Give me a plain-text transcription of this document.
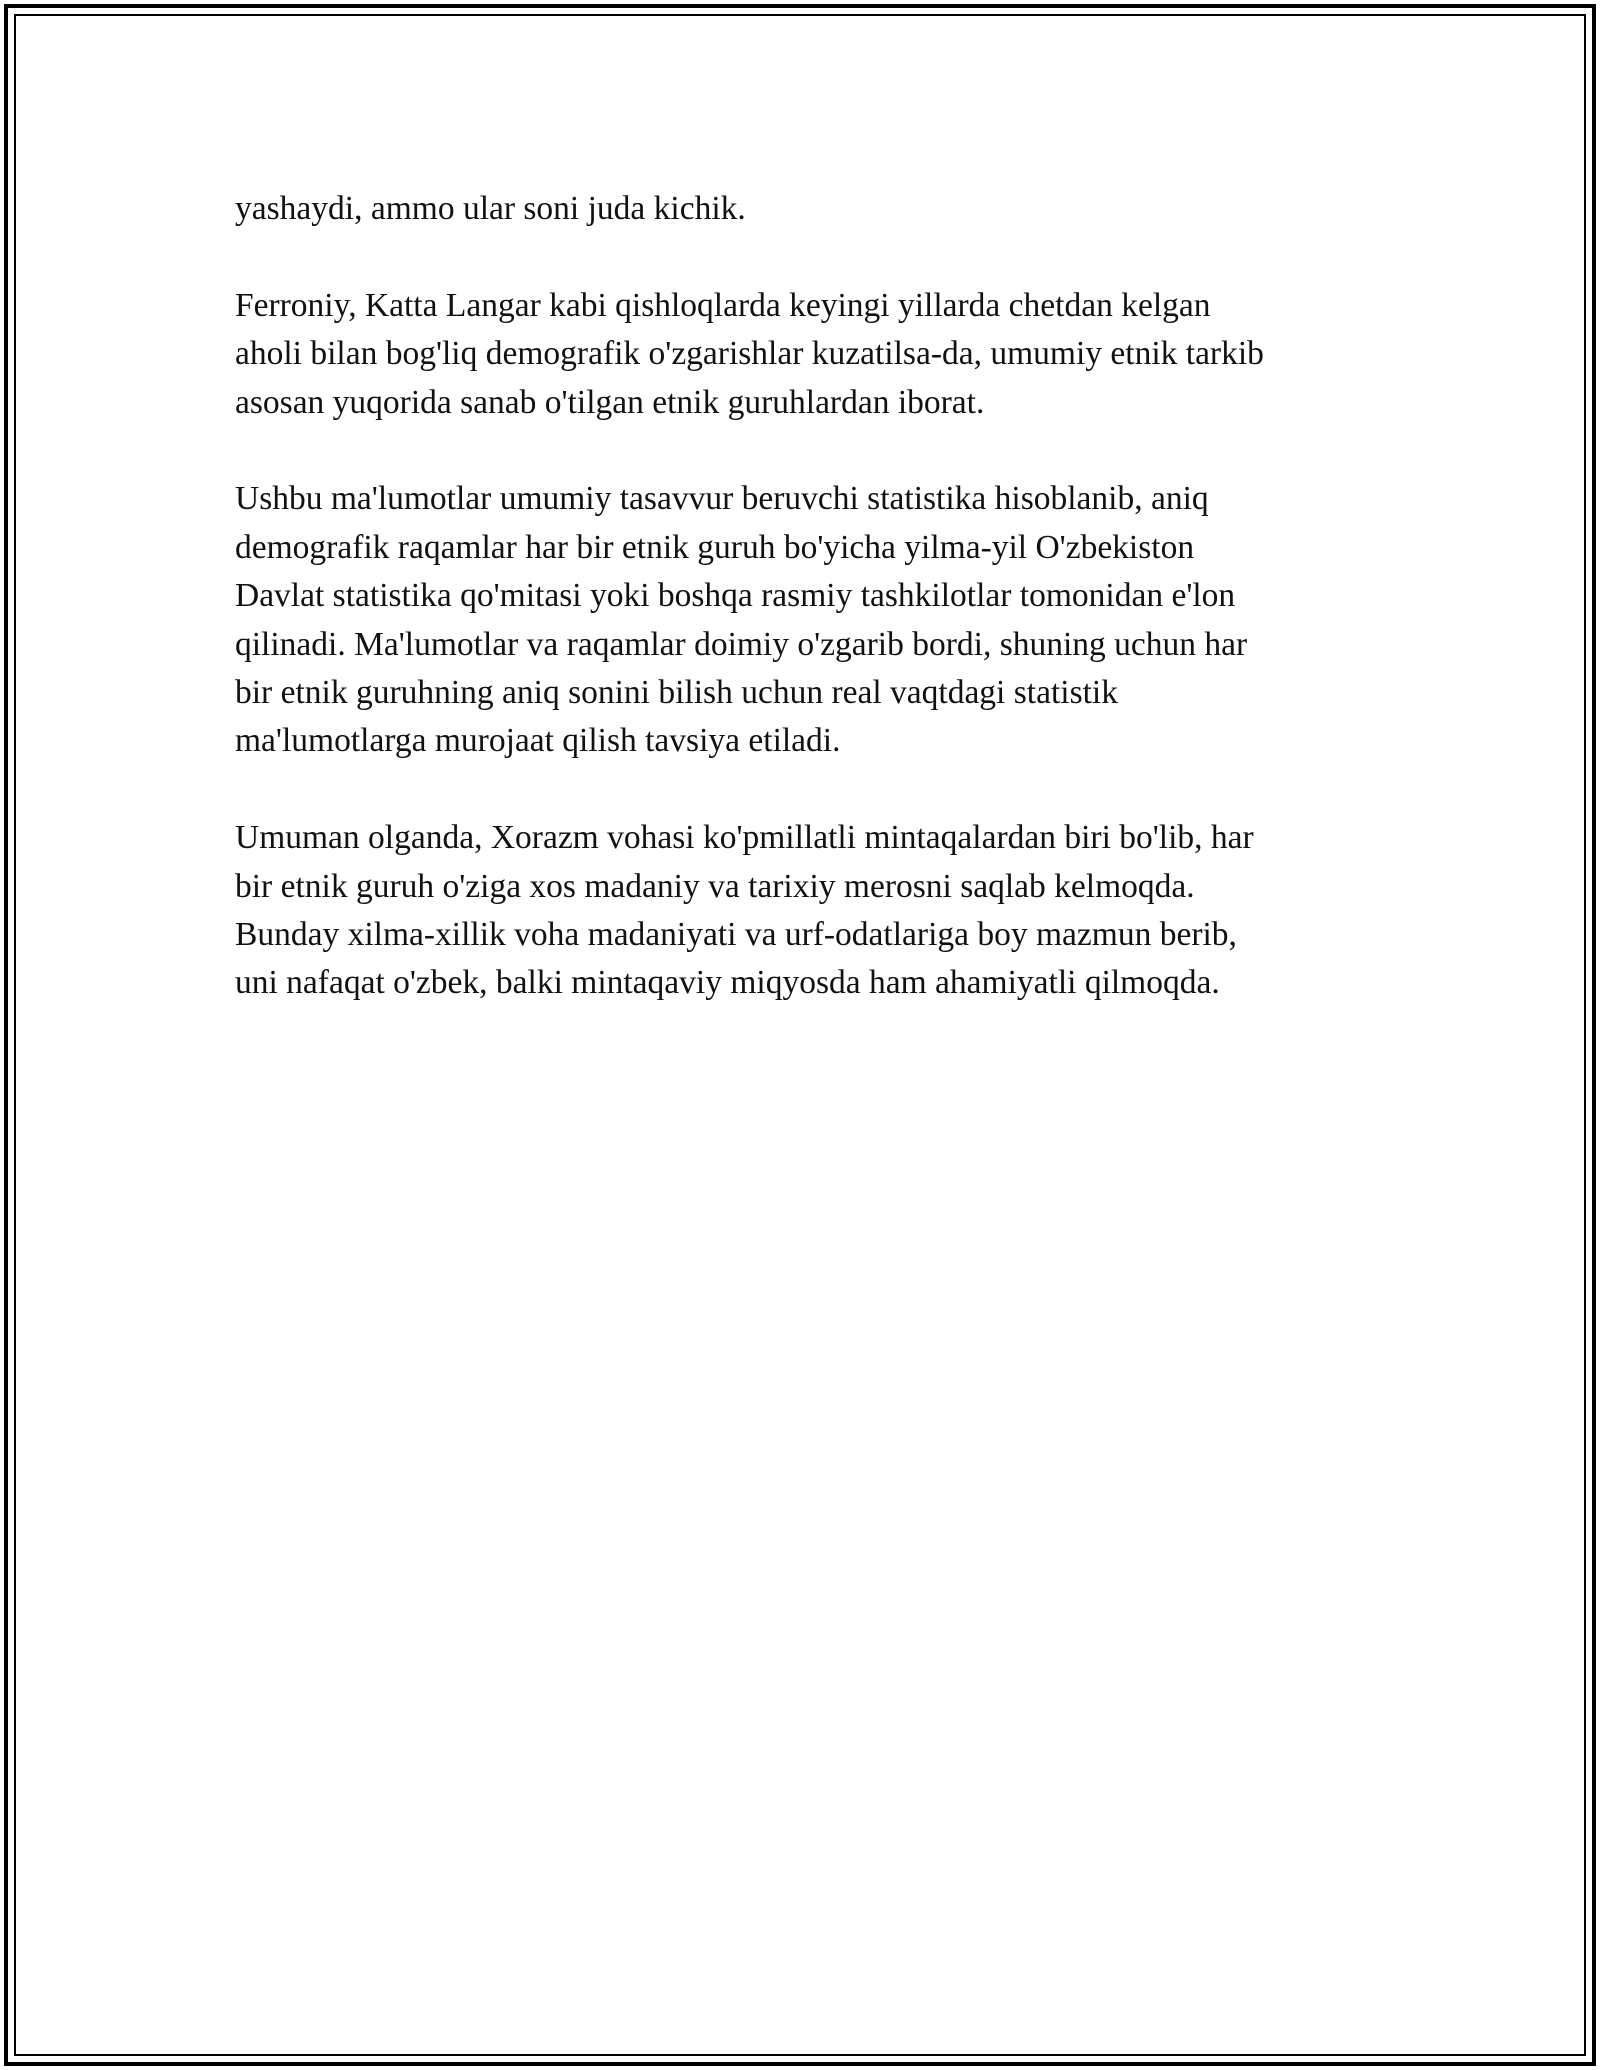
yashaydi, ammo ular soni juda kichik.

Ferroniy, Katta Langar kabi qishloqlarda keyingi yillarda chetdan kelgan
aholi bilan bog'liq demografik o'zgarishlar kuzatilsa-da, umumiy etnik tarkib
asosan yuqorida sanab o'tilgan etnik guruhlardan iborat.

Ushbu ma'lumotlar umumiy tasavvur beruvchi statistika hisoblanib, aniq
demografik raqamlar har bir etnik guruh bo'yicha yilma-yil O'zbekiston
Davlat statistika qo'mitasi yoki boshqa rasmiy tashkilotlar tomonidan e'lon
qilinadi. Ma'lumotlar va raqamlar doimiy o'zgarib bordi, shuning uchun har
bir etnik guruhning aniq sonini bilish uchun real vaqtdagi statistik
ma'lumotlarga murojaat qilish tavsiya etiladi.

Umuman olganda, Xorazm vohasi ko'pmillatli mintaqalardan biri bo'lib, har
bir etnik guruh o'ziga xos madaniy va tarixiy merosni saqlab kelmoqda.
Bunday xilma-xillik voha madaniyati va urf-odatlariga boy mazmun berib,
uni nafaqat o'zbek, balki mintaqaviy miqyosda ham ahamiyatli qilmoqda.
